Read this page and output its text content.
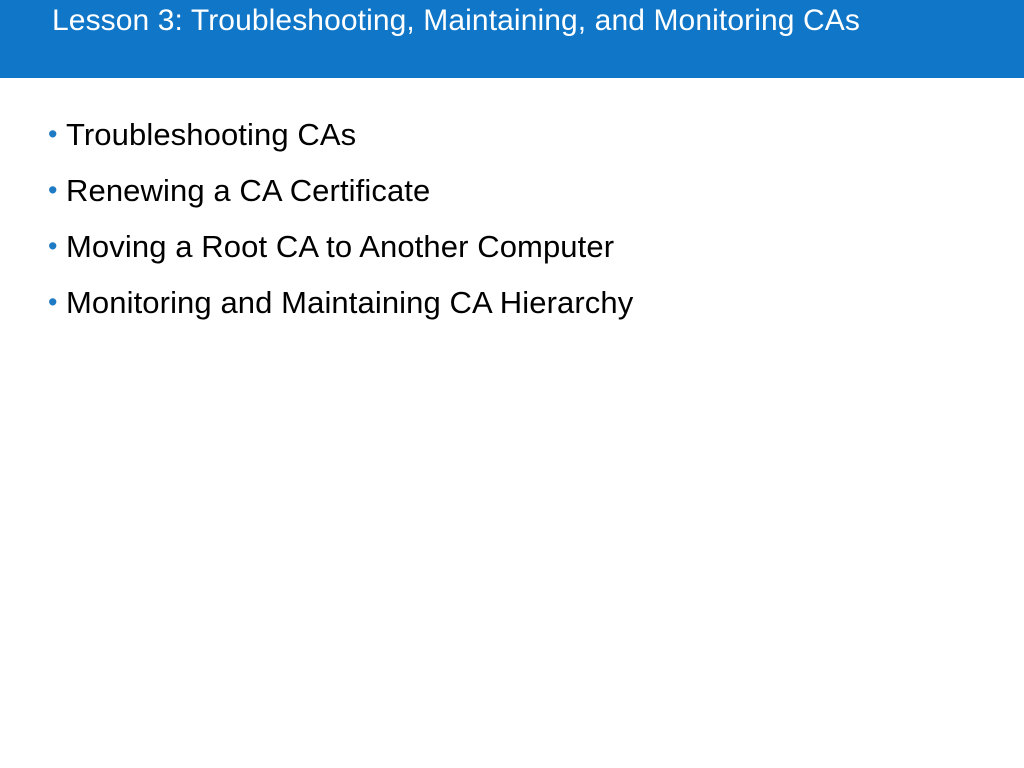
Lesson 3: Troubleshooting, Maintaining, and Monitoring CAs
• Troubleshooting CAs
• Renewing a CA Certificate
• Moving a Root CA to Another Computer
• Monitoring and Maintaining CA Hierarchy
